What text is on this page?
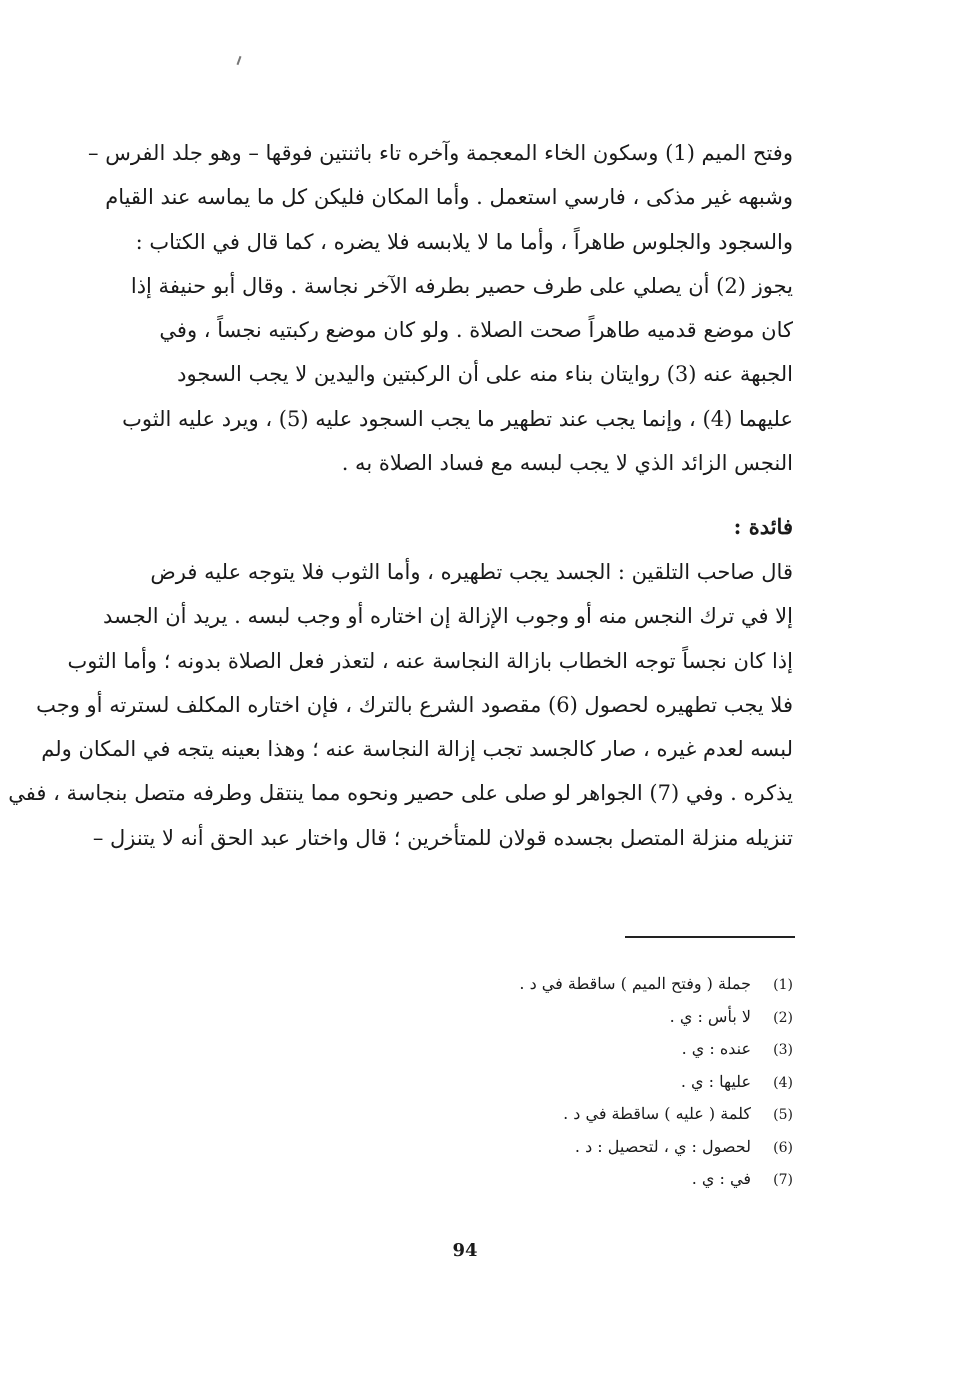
وفتح الميم (1) وسكون الخاء المعجمة وآخره تاء باثنتين فوقها – وهو جلد الفرس –
وشبهه غير مذكى ، فارسي استعمل . وأما المكان فليكن كل ما يماسه عند القيام
والسجود والجلوس طاهراً ، وأما ما لا يلابسه فلا يضره ، كما قال في الكتاب :
يجوز (2) أن يصلي على طرف حصير بطرفه الآخر نجاسة . وقال أبو حنيفة إذا
كان موضع قدميه طاهراً صحت الصلاة . ولو كان موضع ركبتيه نجساً ، وفي
الجبهة عنه (3) روايتان بناء منه على أن الركبتين واليدين لا يجب السجود
عليهما (4) ، وإنما يجب عند تطهير ما يجب السجود عليه (5) ، ويرد عليه الثوب
النجس الزائد الذي لا يجب لبسه مع فساد الصلاة به .
فائدة :
قال صاحب التلقين : الجسد يجب تطهيره ، وأما الثوب فلا يتوجه عليه فرض
إلا في ترك النجس منه أو وجوب الإزالة إن اختاره أو وجب لبسه . يريد أن الجسد
إذا كان نجساً توجه الخطاب بازالة النجاسة عنه ، لتعذر فعل الصلاة بدونه ؛ وأما الثوب
فلا يجب تطهيره لحصول (6) مقصود الشرع بالترك ، فإن اختاره المكلف لسترته أو وجب
لبسه لعدم غيره ، صار كالجسد تجب إزالة النجاسة عنه ؛ وهذا بعينه يتجه في المكان ولم
يذكره . وفي (7) الجواهر لو صلى على حصير ونحوه مما ينتقل وطرفه متصل بنجاسة ، ففي
تنزيله منزلة المتصل بجسده قولان للمتأخرين ؛ قال واختار عبد الحق أنه لا يتنزل –
(1)جملة ( وفتح الميم ) ساقطة في د .
(2)لا بأس : ي .
(3)عنده : ي .
(4)عليها : ي .
(5)كلمة ( عليه ) ساقطة في د .
(6)لحصول : ي ، لتحصيل : د .
(7)في : ي .
94
